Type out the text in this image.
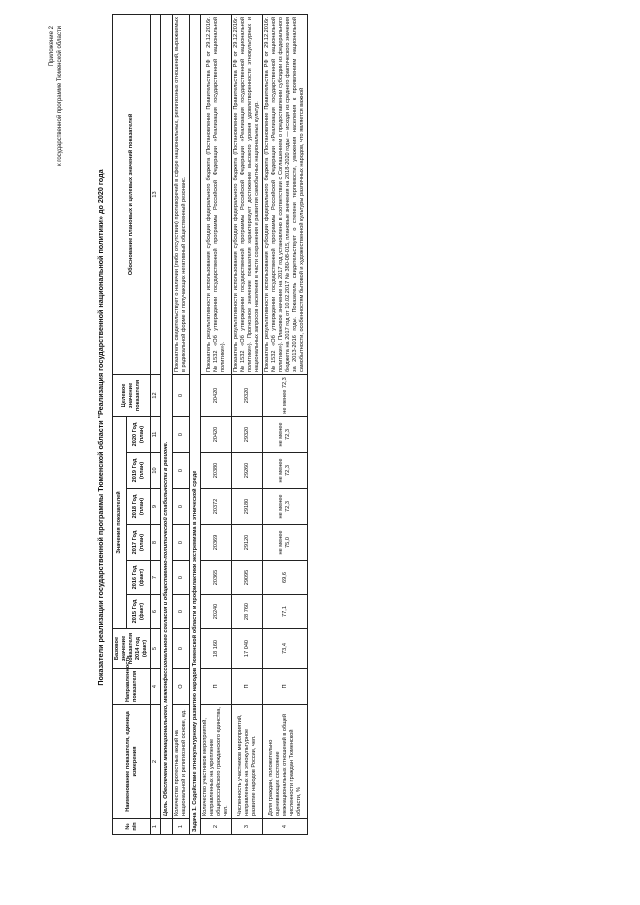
Приложение 2 к государственной программе Тюменской области
Показатели реализации государственной программы Тюменской области "Реализация государственной национальной политики» до 2020 года
№ п/п	Наименование показателя, единица измерения	Направленность показателя	Базовое значение показателя 2014 год (факт)	Значения показателей						Целевое значение показателя	Обоснование плановых и целевых значений показателей
				2015 Год (факт)	2016 Год (факт)	2017 Год (план)	2018 Год (план)	2019 Год (план)	2020 Год (план)		
1	2	4	5	6	7	8	9	10	11	12	13
	Цель. Обеспечение межнационального, межконфессионального согласия и общественно-политической стабильности в регионе.										
1	Количество протестных акций на национальной и религиозной основе, ед.	О	0	0	0	0	0	0	0	0	Показатель свидетельствует о наличии (либо отсутствии) противоречий в сфере национальных, религиозных отношений, выражаемых в радикальной форме и получающих негативный общественный резонанс.
Задача 1. Содействие этнокультурному развитию народов Тюменской области и профилактики экстремизма в этнической среде											
2	Количество участников мероприятий, направленных на укрепление общероссийского гражданского единства, чел.	П	18 160	20240	20365	20369	20372	20380	20420	20420	Показатель результативности использования субсидии федерального бюджета (Постановление Правительства РФ от 29.12.2016г. №1532 «Об утверждении государственной программы Российской Федерации «Реализация государственной национальной политики»).
3	Численность участников мероприятий, направленных на этнокультурное развитие народов России, чел.	П	17 040	28 760	29095	29120	29180	29260	29320	29320	Показатель результативности использования субсидии федерального бюджета (Постановление Правительства РФ от 29.12.2016г. №1532 «Об утверждении государственной программы Российской Федерации «Реализация государственной национальной политики»). Прогнозное значение показателя характеризует достижение высокого уровня удовлетворенности этнокультурных и национальных запросов населения в части сохранения и развития самобытных национальных культур.
4	Доля граждан, положительно оценивающих состояние межнациональных отношений в общей численности граждан Тюменской области, %	П	73,4	77,1	69,6	не менее 75,0	не менее 72,3	не менее 72,3	не менее 72,3	не менее 72,3	Показатель результативности использования субсидии федерального бюджета (Постановление Правительства РФ от 29.12.2016г. №1532 «Об утверждении государственной программы Российской Федерации «Реализация государственной национальной политики»). Плановое значение на 2017 год установлено в соответствии с Соглашением о предоставлении субсидии из федерального бюджета на 2017 год от 10.02.2017 № 380-08-015, плановые значения на 2018-2020 годы — исходя из среднего фактического значения за 2013-2016 годы. Показатель свидетельствует о степени терпимости, уважения населения к проявлениям национальной самобытности, особенностям бытовой и художественной культуры различных народов, что является важной
